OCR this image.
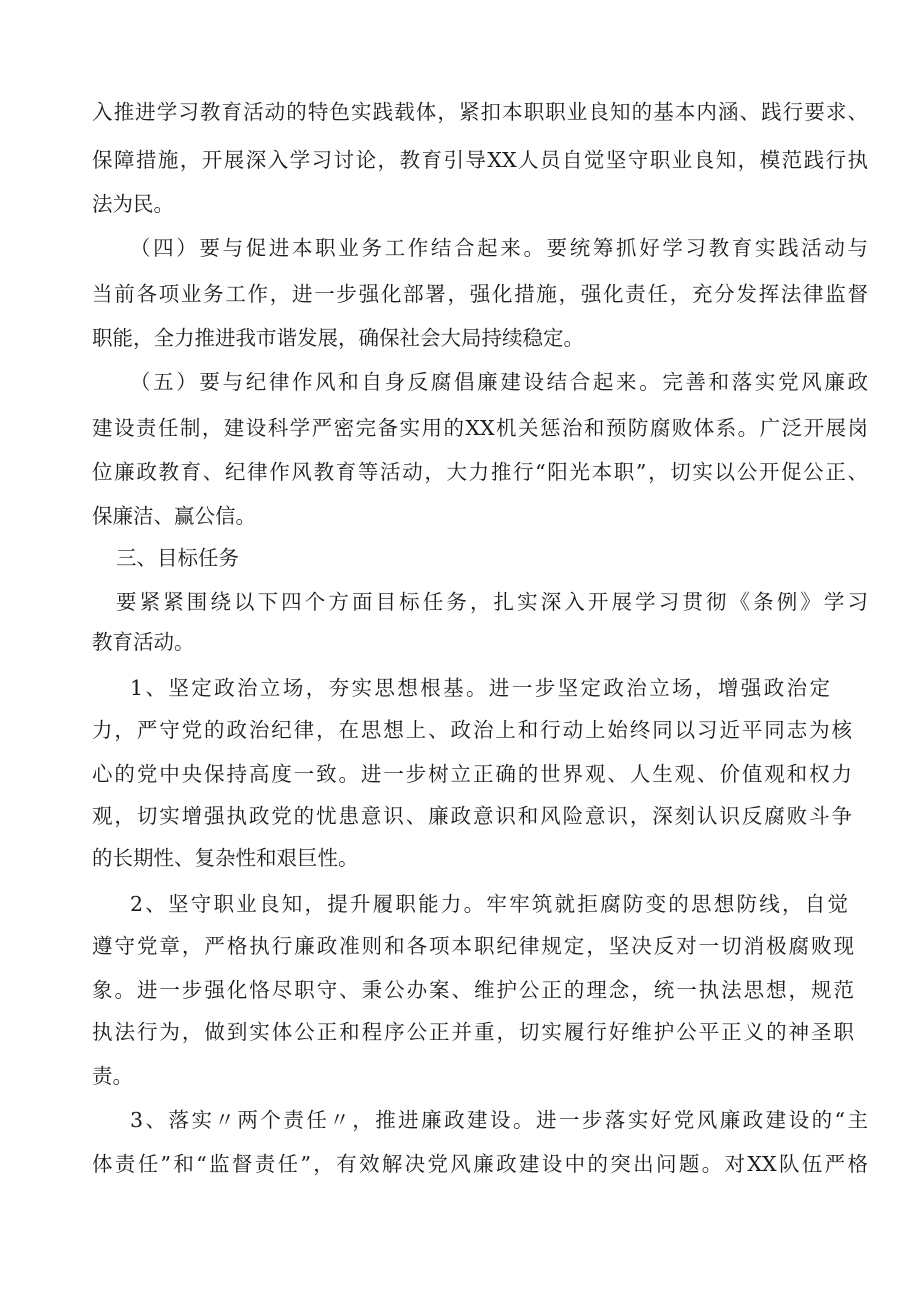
入推进学习教育活动的特色实践载体，紧扣本职职业良知的基本内涵、践行要求、
保障措施，开展深入学习讨论，教育引导XX人员自觉坚守职业良知，模范践行执
法为民。
（四）要与促进本职业务工作结合起来。要统筹抓好学习教育实践活动与
当前各项业务工作，进一步强化部署，强化措施，强化责任，充分发挥法律监督
职能，全力推进我市谐发展，确保社会大局持续稳定。
（五）要与纪律作风和自身反腐倡廉建设结合起来。完善和落实党风廉政
建设责任制，建设科学严密完备实用的XX机关惩治和预防腐败体系。广泛开展岗
位廉政教育、纪律作风教育等活动，大力推行“阳光本职”，切实以公开促公正、
保廉洁、赢公信。
三、目标任务
要紧紧围绕以下四个方面目标任务，扎实深入开展学习贯彻《条例》学习
教育活动。
1、坚定政治立场，夯实思想根基。进一步坚定政治立场，增强政治定
力，严守党的政治纪律，在思想上、政治上和行动上始终同以习近平同志为核
心的党中央保持高度一致。进一步树立正确的世界观、人生观、价值观和权力
观，切实增强执政党的忧患意识、廉政意识和风险意识，深刻认识反腐败斗争
的长期性、复杂性和艰巨性。
2、坚守职业良知，提升履职能力。牢牢筑就拒腐防变的思想防线，自觉
遵守党章，严格执行廉政准则和各项本职纪律规定，坚决反对一切消极腐败现
象。进一步强化恪尽职守、秉公办案、维护公正的理念，统一执法思想，规范
执法行为，做到实体公正和程序公正并重，切实履行好维护公平正义的神圣职
责。
3、落实〃两个责任〃，推进廉政建设。进一步落实好党风廉政建设的“主
体责任”和“监督责任”，有效解决党风廉政建设中的突出问题。对XX队伍严格
